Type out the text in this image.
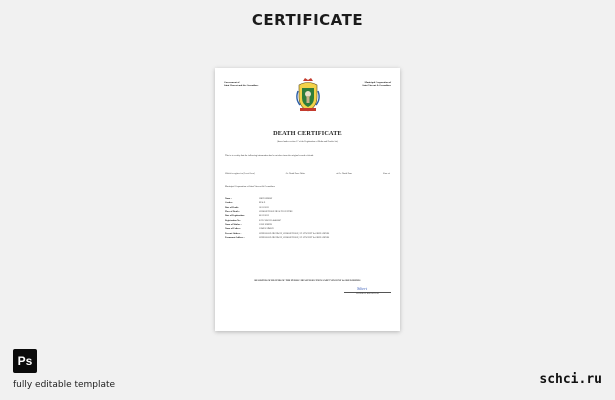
CERTIFICATE
Government of
Saint Vincent and the Grenadines
Municipal Corporation of
Saint Vincent & Grenadines
DEATH CERTIFICATE
(Issued under section 17 of the Registration of Births and Deaths Act)
This is to certify that the following information has been taken from the original record of death.
Which is register for [Local Area]	Gr. North Zone Office	of Gr. North Zone	Zone of
Municipal Corporation of Saint Vincent & Grenadines
Name :	JOHN SIMON
Gender :	MALE
Date of Death :	18/11/2022
Place of Death :	GEORGETOWN HEALTH CENTRE
Date of Registration :	08/12/2022
Registration No :	SCDCLRG22140406067
Name of Mother :	JANE SIMON
Name of Father :	JAMES SIMON
Present Address :	WINDWARD HIGHWAY, GEORGETOWN, ST. VINCENT & GRENADINES
Permanent Address :	WINDWARD HIGHWAY, GEORGETOWN, ST. VINCENT & GRENADINES
REGISTER OF DEATHS OF THE PUBLIC HEALTH SECTION SAINT VINCENT & GRENADINES
Sibert
GENERAL REGISTRAR
Ps
fully editable template	schci.ru
